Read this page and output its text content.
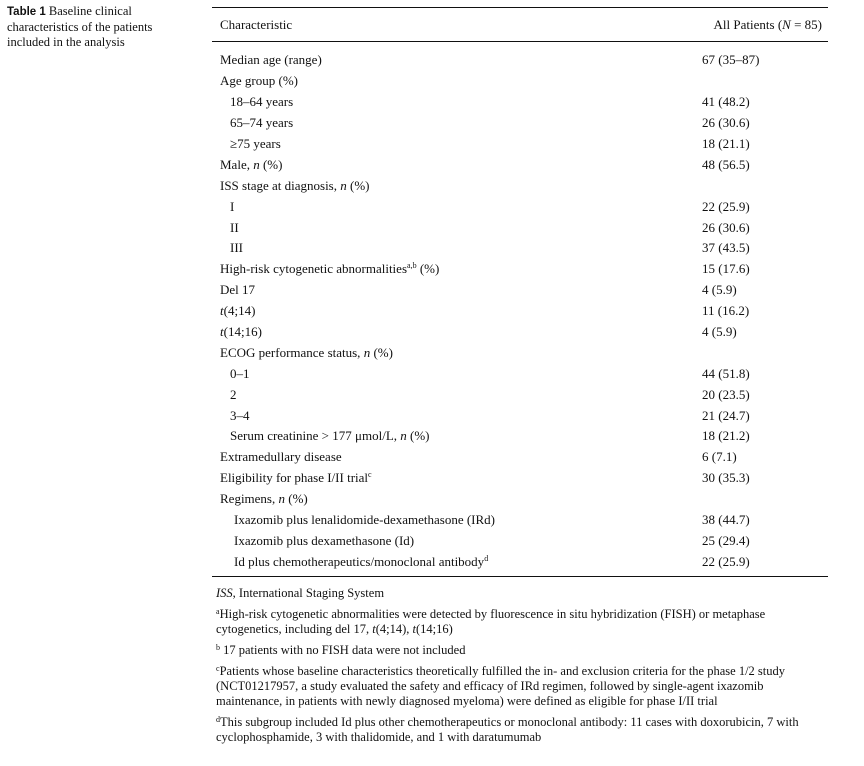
Table 1 Baseline clinical characteristics of the patients included in the analysis
Characteristic	All Patients (N = 85)
Median age (range)	67 (35–87)
Age group (%)
18–64 years	41 (48.2)
65–74 years	26 (30.6)
≥75 years	18 (21.1)
Male, n (%)	48 (56.5)
ISS stage at diagnosis, n (%)
I	22 (25.9)
II	26 (30.6)
III	37 (43.5)
High-risk cytogenetic abnormalities$^{a,b}$ (%)	15 (17.6)
Del 17	4 (5.9)
t(4;14)	11 (16.2)
t(14;16)	4 (5.9)
ECOG performance status, n (%)
0–1	44 (51.8)
2	20 (23.5)
3–4	21 (24.7)
Serum creatinine > 177 μmol/L, n (%)	18 (21.2)
Extramedullary disease	6 (7.1)
Eligibility for phase I/II trial$^c$	30 (35.3)
Regimens, n (%)
Ixazomib plus lenalidomide-dexamethasone (IRd)	38 (44.7)
Ixazomib plus dexamethasone (Id)	25 (29.4)
Id plus chemotherapeutics/monoclonal antibody$^d$	22 (25.9)
ISS, International Staging System
$^a$High-risk cytogenetic abnormalities were detected by fluorescence in situ hybridization (FISH) or metaphase cytogenetics, including del 17, t(4;14), t(14;16)
$^b$ 17 patients with no FISH data were not included
$^c$Patients whose baseline characteristics theoretically fulfilled the in- and exclusion criteria for the phase 1/2 study (NCT01217957, a study evaluated the safety and efficacy of IRd regimen, followed by single-agent ixazomib maintenance, in patients with newly diagnosed myeloma) were defined as eligible for phase I/II trial
$^d$This subgroup included Id plus other chemotherapeutics or monoclonal antibody: 11 cases with doxorubicin, 7 with cyclophosphamide, 3 with thalidomide, and 1 with daratumumab
